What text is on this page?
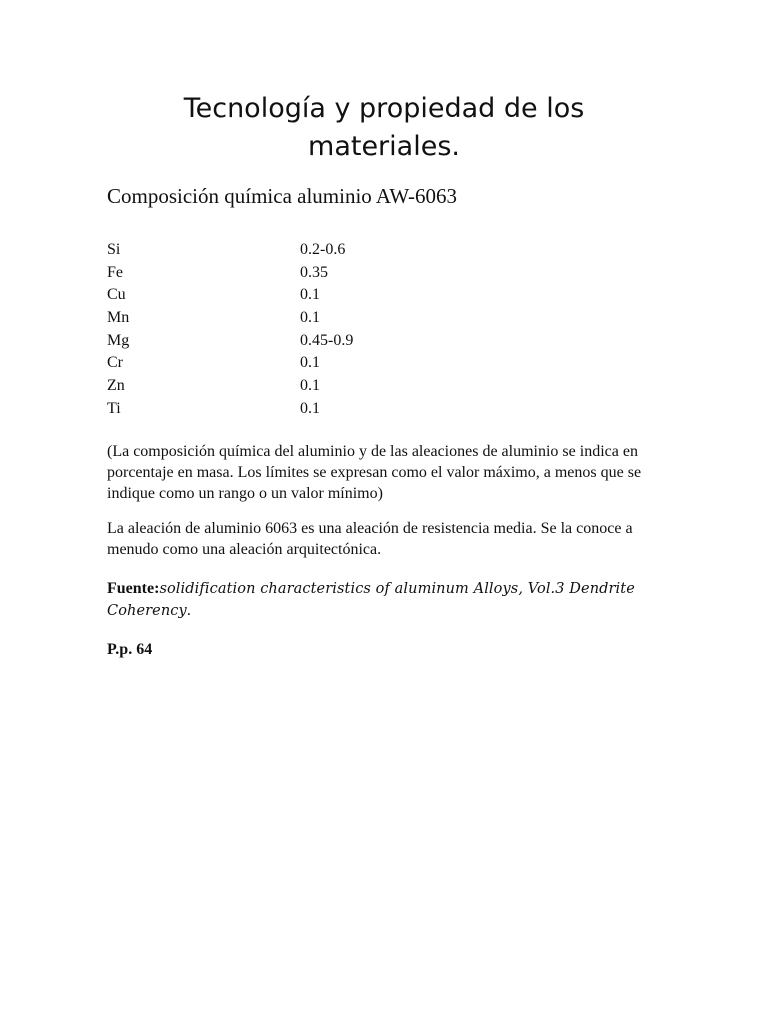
Tecnología y propiedad de los
materiales.
Composición química aluminio AW-6063
Si	0.2-0.6
Fe	0.35
Cu	0.1
Mn	0.1
Mg	0.45-0.9
Cr	0.1
Zn	0.1
Ti	0.1

(La composición química del aluminio y de las aleaciones de aluminio se indica en porcentaje en masa. Los límites se expresan como el valor máximo, a menos que se indique como un rango o un valor mínimo)

La aleación de aluminio 6063 es una aleación de resistencia media. Se la conoce a menudo como una aleación arquitectónica.

Fuente:solidification characteristics of aluminum Alloys, Vol.3 Dendrite Coherency.

P.p. 64
